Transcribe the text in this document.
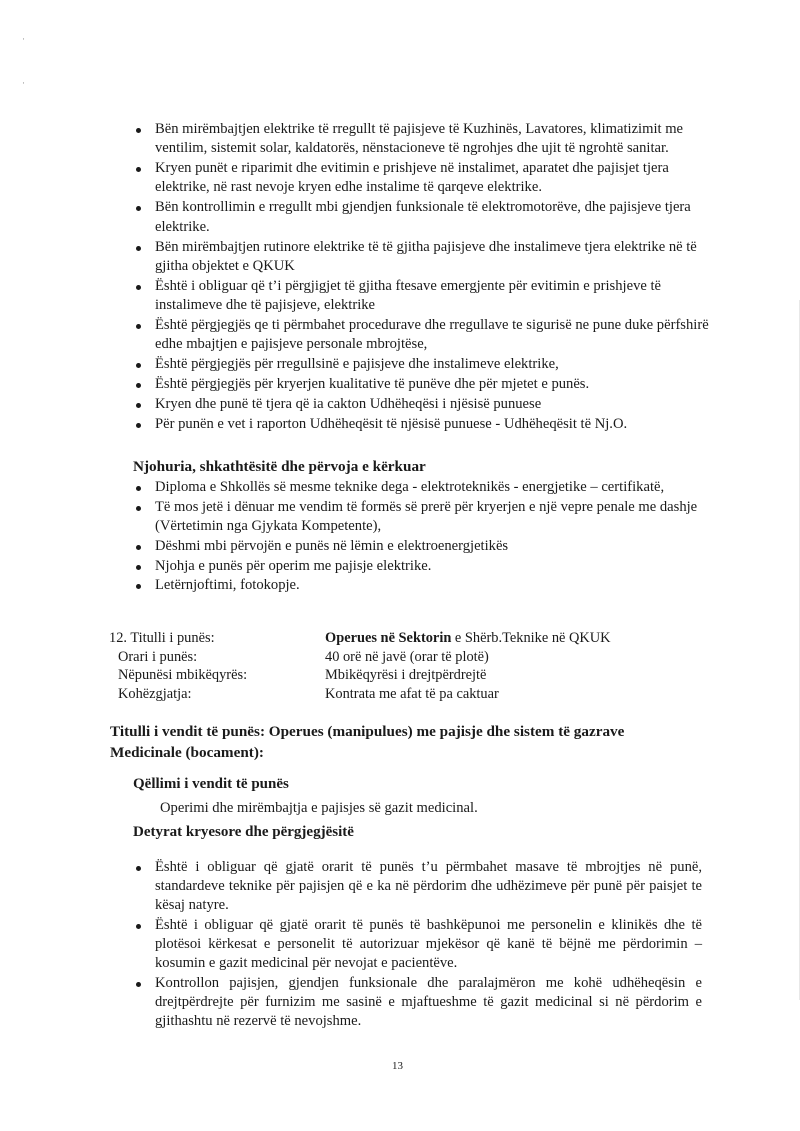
·
·
Bën mirëmbajtjen elektrike të rregullt të pajisjeve të Kuzhinës, Lavatores, klimatizimit me ventilim, sistemit solar, kaldatorës, nënstacioneve të ngrohjes dhe ujit të ngrohtë sanitar.
Kryen punët e riparimit dhe evitimin e prishjeve në instalimet, aparatet dhe pajisjet tjera elektrike, në rast nevoje kryen edhe instalime të qarqeve elektrike.
Bën kontrollimin e rregullt mbi gjendjen funksionale të elektromotorëve, dhe pajisjeve tjera elektrike.
Bën mirëmbajtjen rutinore elektrike të të gjitha pajisjeve dhe instalimeve tjera elektrike në të gjitha objektet e QKUK
Është i obliguar që t’i përgjigjet të gjitha ftesave emergjente për evitimin e prishjeve të instalimeve dhe të pajisjeve, elektrike
Është përgjegjës qe ti përmbahet procedurave dhe rregullave te sigurisë ne pune duke përfshirë edhe mbajtjen e pajisjeve personale mbrojtëse,
Është përgjegjës për rregullsinë e pajisjeve dhe instalimeve elektrike,
Është përgjegjës për kryerjen kualitative të punëve dhe për mjetet e punës.
Kryen dhe punë të tjera që ia cakton Udhëheqësi i njësisë punuese
Për punën e vet i raporton Udhëheqësit të njësisë punuese - Udhëheqësit të Nj.O.
Njohuria, shkathtësitë dhe përvoja e kërkuar
Diploma e Shkollës së mesme teknike dega - elektroteknikës - energjetike – certifikatë,
Të mos jetë i dënuar me vendim të formës së prerë për kryerjen e një vepre penale me dashje (Vërtetimin nga Gjykata Kompetente),
Dëshmi mbi përvojën e punës në lëmin e elektroenergjetikës
Njohja e punës për operim me pajisje elektrike.
Letërnjoftimi, fotokopje.
12. Titulli i punës:	Operues në Sektorin e Shërb.Teknike në QKUK
Orari i punës:	40 orë në javë (orar të plotë)
Nëpunësi mbikëqyrës:	Mbikëqyrësi i drejtpërdrejtë
Kohëzgjatja:	Kontrata me afat të pa caktuar
Titulli i vendit të punës: Operues (manipulues) me pajisje dhe sistem të gazrave Medicinale (bocament):
Qëllimi i vendit të punës
Operimi dhe mirëmbajtja e pajisjes së gazit medicinal.
Detyrat kryesore dhe përgjegjësitë
Është i obliguar që gjatë orarit të punës t’u përmbahet masave të mbrojtjes në punë, standardeve teknike për pajisjen që e ka në përdorim dhe udhëzimeve për punë për paisjet te kësaj natyre.
Është i obliguar që gjatë orarit të punës të bashkëpunoi me personelin e klinikës dhe të plotësoi kërkesat e personelit të autorizuar mjekësor që kanë të bëjnë me përdorimin – kosumin e gazit medicinal për nevojat e pacientëve.
Kontrollon pajisjen, gjendjen funksionale dhe paralajmëron me kohë udhëheqësin e drejtpërdrejte për furnizim me sasinë e mjaftueshme të gazit medicinal si në përdorim e gjithashtu në rezervë të nevojshme.
13
